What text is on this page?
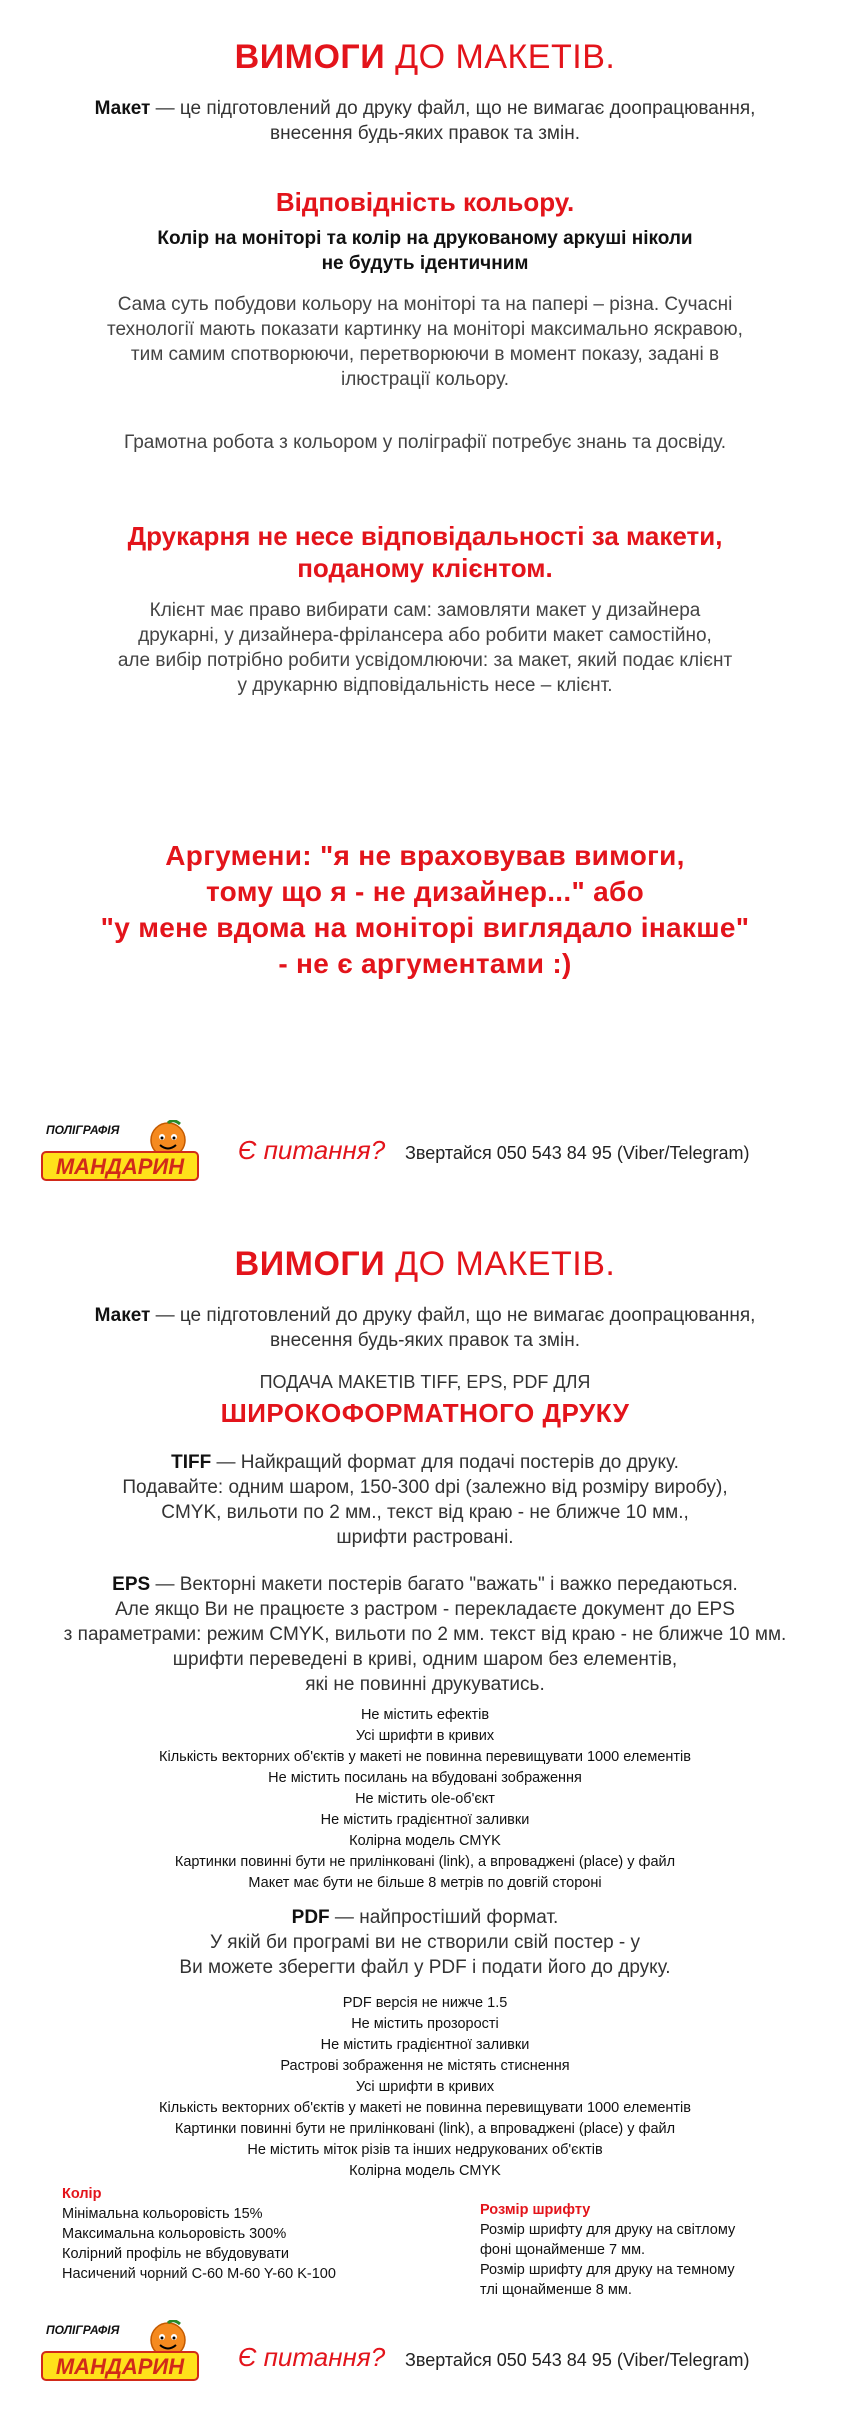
ВИМОГИ ДО МАКЕТІВ.
Макет — це підготовлений до друку файл, що не вимагає доопрацювання,
внесення будь-яких правок та змін.
Відповідність кольору.
Колір на моніторі та колір на друкованому аркуші ніколи
не будуть ідентичним
Сама суть побудови кольору на моніторі та на папері – різна. Сучасні
технології мають показати картинку на моніторі максимально яскравою,
тим самим спотворюючи, перетворюючи в момент показу, задані в
ілюстрації кольору.
Грамотна робота з кольором у поліграфії потребує знань та досвіду.
Друкарня не несе відповідальності за макети,
поданому клієнтом.
Клієнт має право вибирати сам: замовляти макет у дизайнера
друкарні, у дизайнера-фрілансера або робити макет самостійно,
але вибір потрібно робити усвідомлюючи: за макет, який подає клієнт
у друкарню відповідальність несе – клієнт.
Аргумени: "я не враховував вимоги,
тому що я - не дизайнер..." або
"у мене вдома на моніторі виглядало інакше"
- не є аргументами :)
ПОЛІГРАФІЯ
МАНДАРИН
Є питання? Звертайся 050 543 84 95 (Viber/Telegram)
ВИМОГИ ДО МАКЕТІВ.
Макет — це підготовлений до друку файл, що не вимагає доопрацювання,
внесення будь-яких правок та змін.
ПОДАЧА МАКЕТІВ TIFF, EPS, PDF ДЛЯ
ШИРОКОФОРМАТНОГО ДРУКУ
TIFF — Найкращий формат для подачі постерів до друку.
Подавайте: одним шаром, 150-300 dpi (залежно від розміру виробу),
CMYK, вильоти по 2 мм., текст від краю - не ближче 10 мм.,
шрифти растровані.
EPS — Векторні макети постерів багато "важать" і важко передаються.
Але якщо Ви не працюєте з растром - перекладаєте документ до EPS
з параметрами: режим CMYK, вильоти по 2 мм. текст від краю - не ближче 10 мм.
шрифти переведені в криві, одним шаром без елементів,
які не повинні друкуватись.
Не містить ефектів
Усі шрифти в кривих
Кількість векторних об'єктів у макеті не повинна перевищувати 1000 елементів
Не містить посилань на вбудовані зображення
Не містить ole-об'єкт
Не містить градієнтної заливки
Колірна модель CMYK
Картинки повинні бути не прилінковані (link), а впроваджені (place) у файл
Макет має бути не більше 8 метрів по довгій стороні
PDF — найпростіший формат.
У якій би програмі ви не створили свій постер - у
Ви можете зберегти файл у PDF і подати його до друку.
PDF версія не нижче 1.5
Не містить прозорості
Не містить градієнтної заливки
Растрові зображення не містять стиснення
Усі шрифти в кривих
Кількість векторних об'єктів у макеті не повинна перевищувати 1000 елементів
Картинки повинні бути не прилінковані (link), а впроваджені (place) у файл
Не містить міток різів та інших недрукованих об'єктів
Колірна модель CMYK
Колір
Мінімальна кольоровість 15%
Максимальна кольоровість 300%
Колірний профіль не вбудовувати
Насичений чорний C-60 M-60 Y-60 K-100
Розмір шрифту
Розмір шрифту для друку на світлому
фоні щонайменше 7 мм.
Розмір шрифту для друку на темному
тлі щонайменше 8 мм.
ПОЛІГРАФІЯ
МАНДАРИН Є питання? Звертайся 050 543 84 95 (Viber/Telegram)
